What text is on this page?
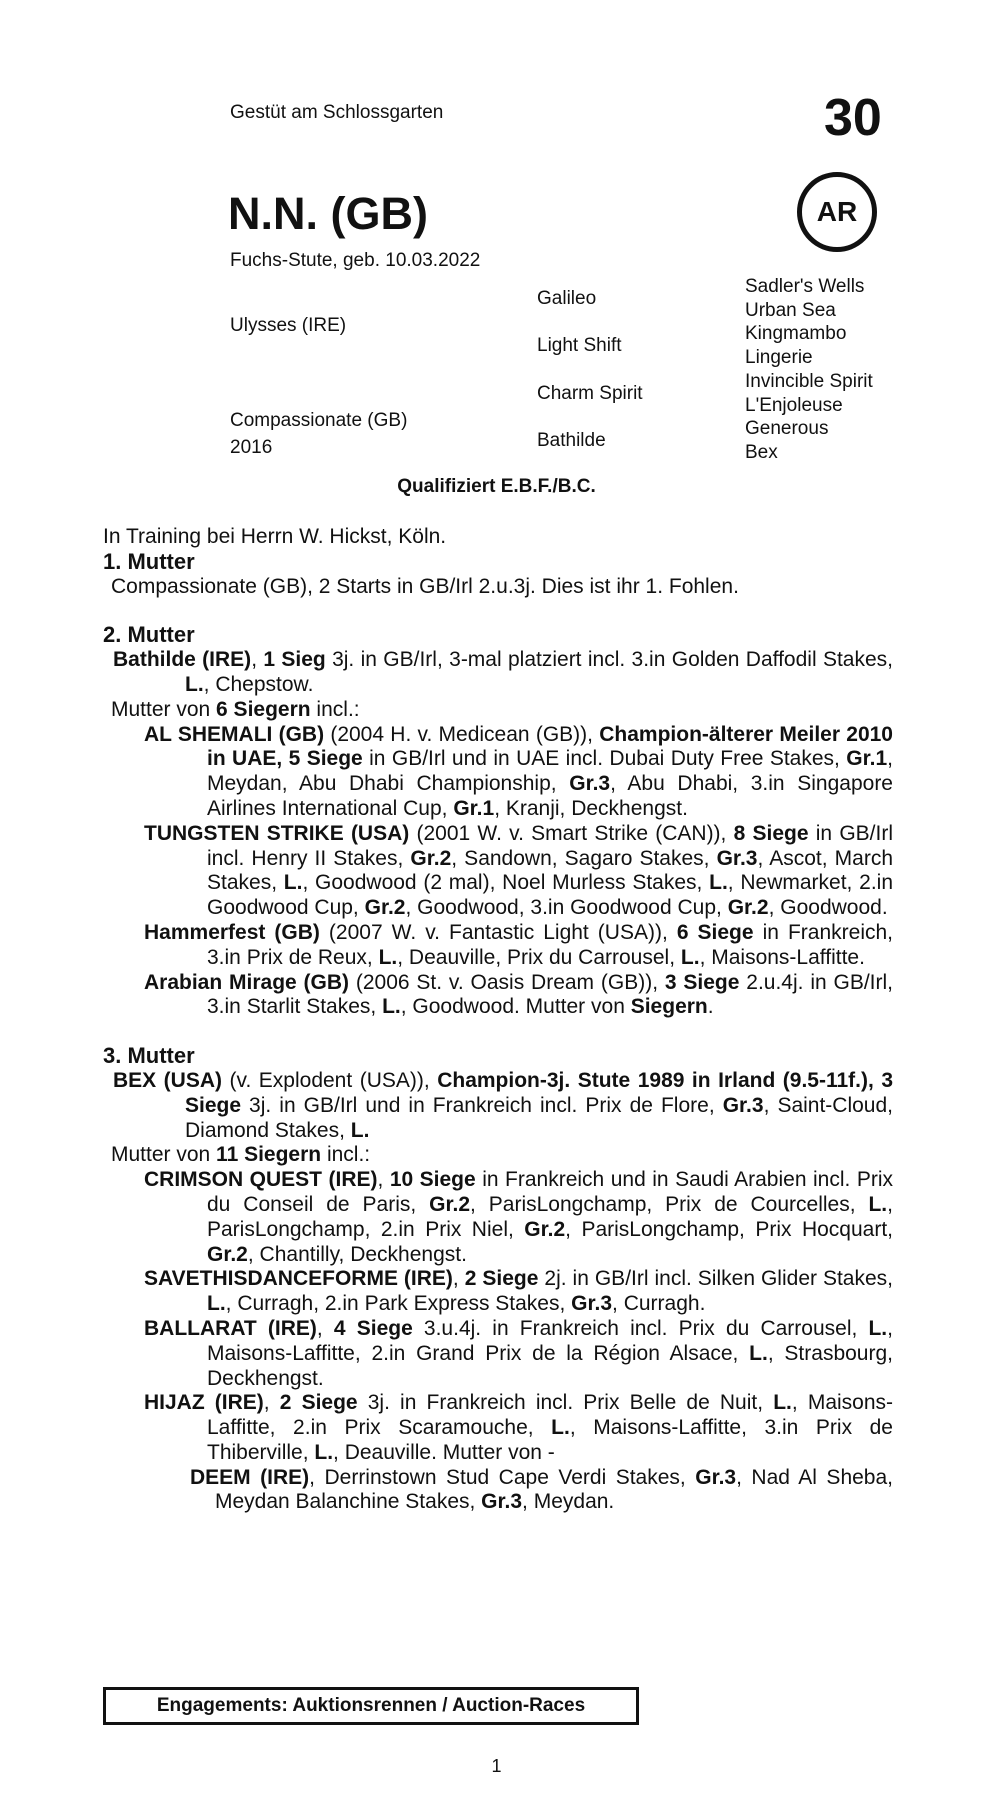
Gestüt am Schlossgarten	30
N.N. (GB)	AR
Fuchs-Stute, geb. 10.03.2022
Ulysses (IRE)
Compassionate (GB)
2016
Galileo
Light Shift
Charm Spirit
Bathilde
Sadler's Wells
Urban Sea
Kingmambo
Lingerie
Invincible Spirit
L'Enjoleuse
Generous
Bex
Qualifiziert E.B.F./B.C.

In Training bei Herrn W. Hickst, Köln.

1. Mutter

Compassionate (GB), 2 Starts in GB/Irl 2.u.3j. Dies ist ihr 1. Fohlen.

2. Mutter

Bathilde (IRE), 1 Sieg 3j. in GB/Irl, 3-mal platziert incl. 3.in Golden Daffodil Stakes, L., Chepstow.

Mutter von 6 Siegern incl.:

AL SHEMALI (GB) (2004 H. v. Medicean (GB)), Champion-älterer Meiler 2010 in UAE, 5 Siege in GB/Irl und in UAE incl. Dubai Duty Free Stakes, Gr.1, Meydan, Abu Dhabi Championship, Gr.3, Abu Dhabi, 3.in Singapore Airlines International Cup, Gr.1, Kranji, Deckhengst.

TUNGSTEN STRIKE (USA) (2001 W. v. Smart Strike (CAN)), 8 Siege in GB/Irl incl. Henry II Stakes, Gr.2, Sandown, Sagaro Stakes, Gr.3, Ascot, March Stakes, L., Goodwood (2 mal), Noel Murless Stakes, L., Newmarket, 2.in Goodwood Cup, Gr.2, Goodwood, 3.in Goodwood Cup, Gr.2, Goodwood.

Hammerfest (GB) (2007 W. v. Fantastic Light (USA)), 6 Siege in Frankreich, 3.in Prix de Reux, L., Deauville, Prix du Carrousel, L., Maisons-Laffitte.

Arabian Mirage (GB) (2006 St. v. Oasis Dream (GB)), 3 Siege 2.u.4j. in GB/Irl, 3.in Starlit Stakes, L., Goodwood. Mutter von Siegern.

3. Mutter

BEX (USA) (v. Explodent (USA)), Champion-3j. Stute 1989 in Irland (9.5-11f.), 3 Siege 3j. in GB/Irl und in Frankreich incl. Prix de Flore, Gr.3, Saint-Cloud, Diamond Stakes, L.

Mutter von 11 Siegern incl.:

CRIMSON QUEST (IRE), 10 Siege in Frankreich und in Saudi Arabien incl. Prix du Conseil de Paris, Gr.2, ParisLongchamp, Prix de Courcelles, L., ParisLongchamp, 2.in Prix Niel, Gr.2, ParisLongchamp, Prix Hocquart, Gr.2, Chantilly, Deckhengst.

SAVETHISDANCEFORME (IRE), 2 Siege 2j. in GB/Irl incl. Silken Glider Stakes, L., Curragh, 2.in Park Express Stakes, Gr.3, Curragh.

BALLARAT (IRE), 4 Siege 3.u.4j. in Frankreich incl. Prix du Carrousel, L., Maisons-Laffitte, 2.in Grand Prix de la Région Alsace, L., Strasbourg, Deckhengst.

HIJAZ (IRE), 2 Siege 3j. in Frankreich incl. Prix Belle de Nuit, L., Maisons-Laffitte, 2.in Prix Scaramouche, L., Maisons-Laffitte, 3.in Prix de Thiberville, L., Deauville. Mutter von -

DEEM (IRE), Derrinstown Stud Cape Verdi Stakes, Gr.3, Nad Al Sheba, Meydan Balanchine Stakes, Gr.3, Meydan.

Engagements: Auktionsrennen / Auction-Races
1
